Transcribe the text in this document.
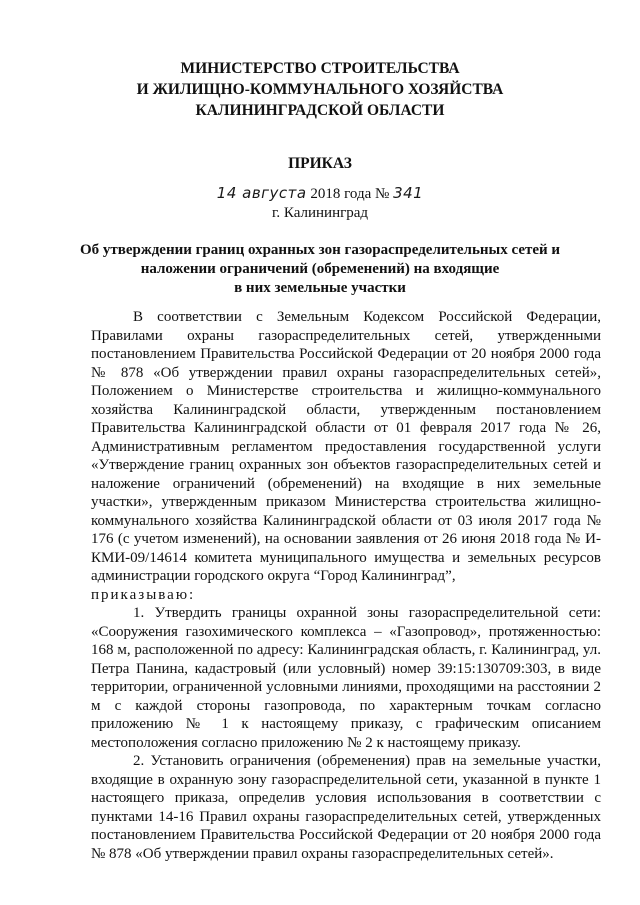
МИНИСТЕРСТВО СТРОИТЕЛЬСТВА
И ЖИЛИЩНО-КОММУНАЛЬНОГО ХОЗЯЙСТВА
КАЛИНИНГРАДСКОЙ ОБЛАСТИ
ПРИКАЗ
14 августа 2018 года № 341
г. Калининград
Об утверждении границ охранных зон газораспределительных сетей и
наложении ограничений (обременений) на входящие
в них земельные участки

В соответствии с Земельным Кодексом Российской Федерации, Правилами охраны газораспределительных сетей, утвержденными постановлением Правительства Российской Федерации от 20 ноября 2000 года № 878 «Об утверждении правил охраны газораспределительных сетей», Положением о Министерстве строительства и жилищно-коммунального хозяйства Калининградской области, утвержденным постановлением Правительства Калининградской области от 01 февраля 2017 года № 26, Административным регламентом предоставления государственной услуги «Утверждение границ охранных зон объектов газораспределительных сетей и наложение ограничений (обременений) на входящие в них земельные участки», утвержденным приказом Министерства строительства жилищно-коммунального хозяйства Калининградской области от 03 июля 2017 года № 176 (с учетом изменений), на основании заявления от 26 июня 2018 года № И-КМИ-09/14614 комитета муниципального имущества и земельных ресурсов администрации городского округа “Город Калининград”,

приказываю:

1. Утвердить границы охранной зоны газораспределительной сети: «Сооружения газохимического комплекса – «Газопровод», протяженностью: 168 м, расположенной по адресу: Калининградская область, г. Калининград, ул. Петра Панина, кадастровый (или условный) номер 39:15:130709:303, в виде территории, ограниченной условными линиями, проходящими на расстоянии 2 м с каждой стороны газопровода, по характерным точкам согласно приложению № 1 к настоящему приказу, с графическим описанием местоположения согласно приложению № 2 к настоящему приказу.

2. Установить ограничения (обременения) прав на земельные участки, входящие в охранную зону газораспределительной сети, указанной в пункте 1 настоящего приказа, определив условия использования в соответствии с пунктами 14-16 Правил охраны газораспределительных сетей, утвержденных постановлением Правительства Российской Федерации от 20 ноября 2000 года № 878 «Об утверждении правил охраны газораспределительных сетей».
